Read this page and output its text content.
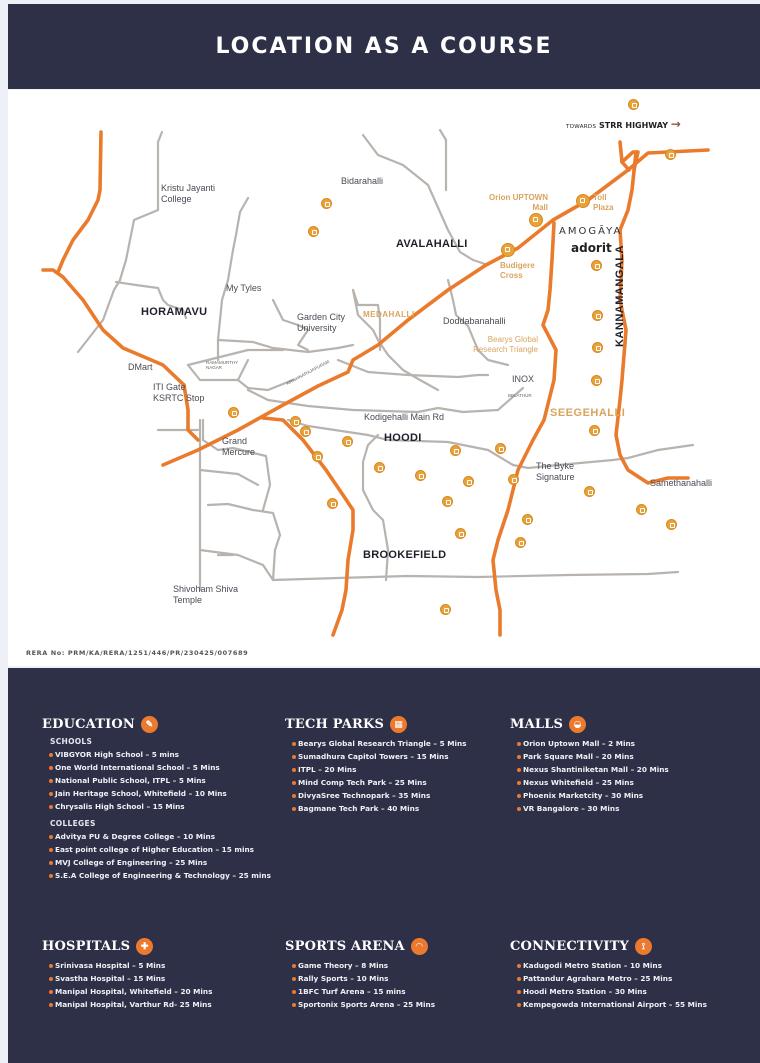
LOCATION AS A COURSE
HORAMAVU
AVALAHALLI
HOODI
BROOKEFIELD
SEEGEHALLI
MEDAHALLI	KANNAMANGALA
Kristu Jayanti College
Bidarahalli
My Tyles
Garden City University
Doddabanahalli
DMart
ITI Gate KSRTC Stop
Grand Mercure
Kodigehalli Main Rd
INOX
The Byke Signature
Samethanahalli
Shivoham Shiva Temple
RAMAMURTHY NAGAR	KRISHNARAJAPURAM
BELATHUR
Orion UPTOWN Mall
Toll Plaza
Budigere Cross
Bearys Global Research Triangle
AMOGĀYA
adorit
TOWARDS STRR HIGHWAY →
RERA No: PRM/KA/RERA/1251/446/PR/230425/007689
EDUCATION	✎
SCHOOLS
VIBGYOR High School – 5 mins
One World International School – 5 Mins
National Public School, ITPL – 5 Mins
Jain Heritage School, Whitefield – 10 Mins
Chrysalis High School – 15 Mins
COLLEGES
Advitya PU & Degree College – 10 Mins
East point college of Higher Education – 15 mins
MVJ College of Engineering – 25 Mins
S.E.A College of Engineering & Technology – 25 mins
TECH PARKS	▦
Bearys Global Research Triangle – 5 Mins
Sumadhura Capitol Towers – 15 Mins
ITPL – 20 Mins
Mind Comp Tech Park – 25 Mins
DivyaSree Technopark – 35 Mins
Bagmane Tech Park – 40 Mins
MALLS	◒
Orion Uptown Mall – 2 Mins
Park Square Mall – 20 Mins
Nexus Shantiniketan Mall – 20 Mins
Nexus Whitefield – 25 Mins
Phoenix Marketcity – 30 Mins
VR Bangalore – 30 Mins
HOSPITALS	✚
Srinivasa Hospital – 5 Mins
Svastha Hospital – 15 Mins
Manipal Hospital, Whitefield – 20 Mins
Manipal Hospital, Varthur Rd- 25 Mins
SPORTS ARENA	◠
Game Theory – 8 Mins
Rally Sports – 10 Mins
1BFC Turf Arena – 15 mins
Sportonix Sports Arena – 25 Mins
CONNECTIVITY	⟟
Kadugodi Metro Station – 10 Mins
Pattandur Agrahara Metro – 25 Mins
Hoodi Metro Station – 30 Mins
Kempegowda International Airport – 55 Mins
